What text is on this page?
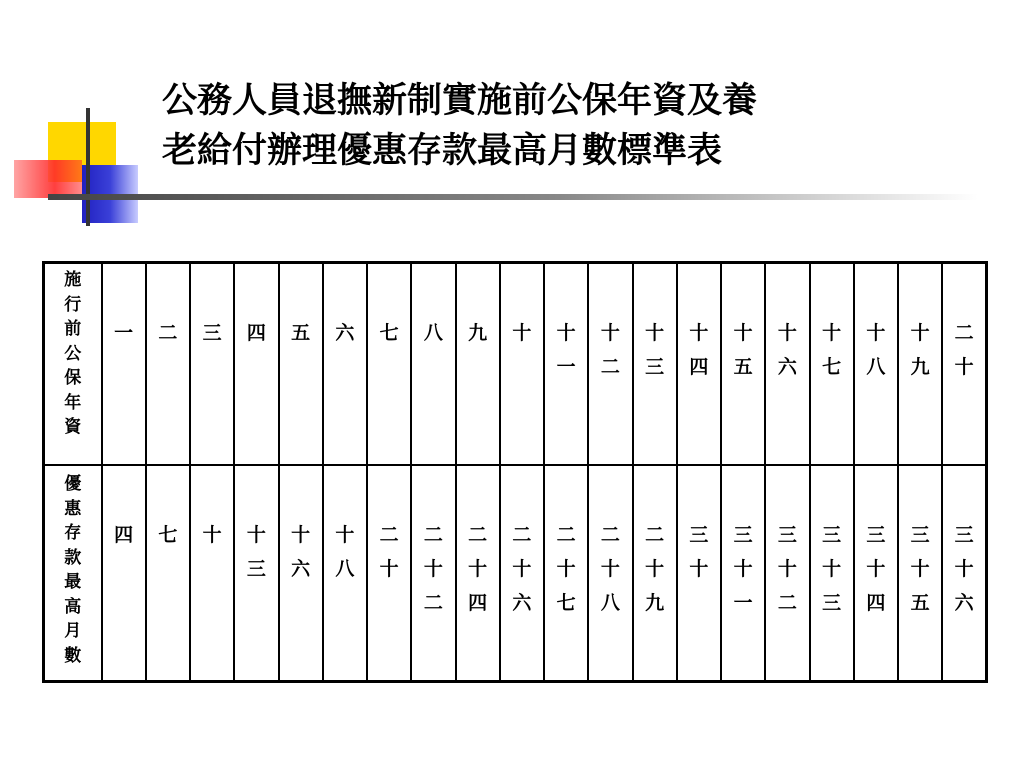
公務人員退撫新制實施前公保年資及養
老給付辦理優惠存款最高月數標準表
施行前公保年資	一	二	三	四	五	六	七	八	九	十	十一	十二	十三	十四	十五	十六	十七	十八	十九	二十
優惠存款最高月數	四	七	十	十三	十六	十八	二十	二十二	二十四	二十六	二十七	二十八	二十九	三十	三十一	三十二	三十三	三十四	三十五	三十六
